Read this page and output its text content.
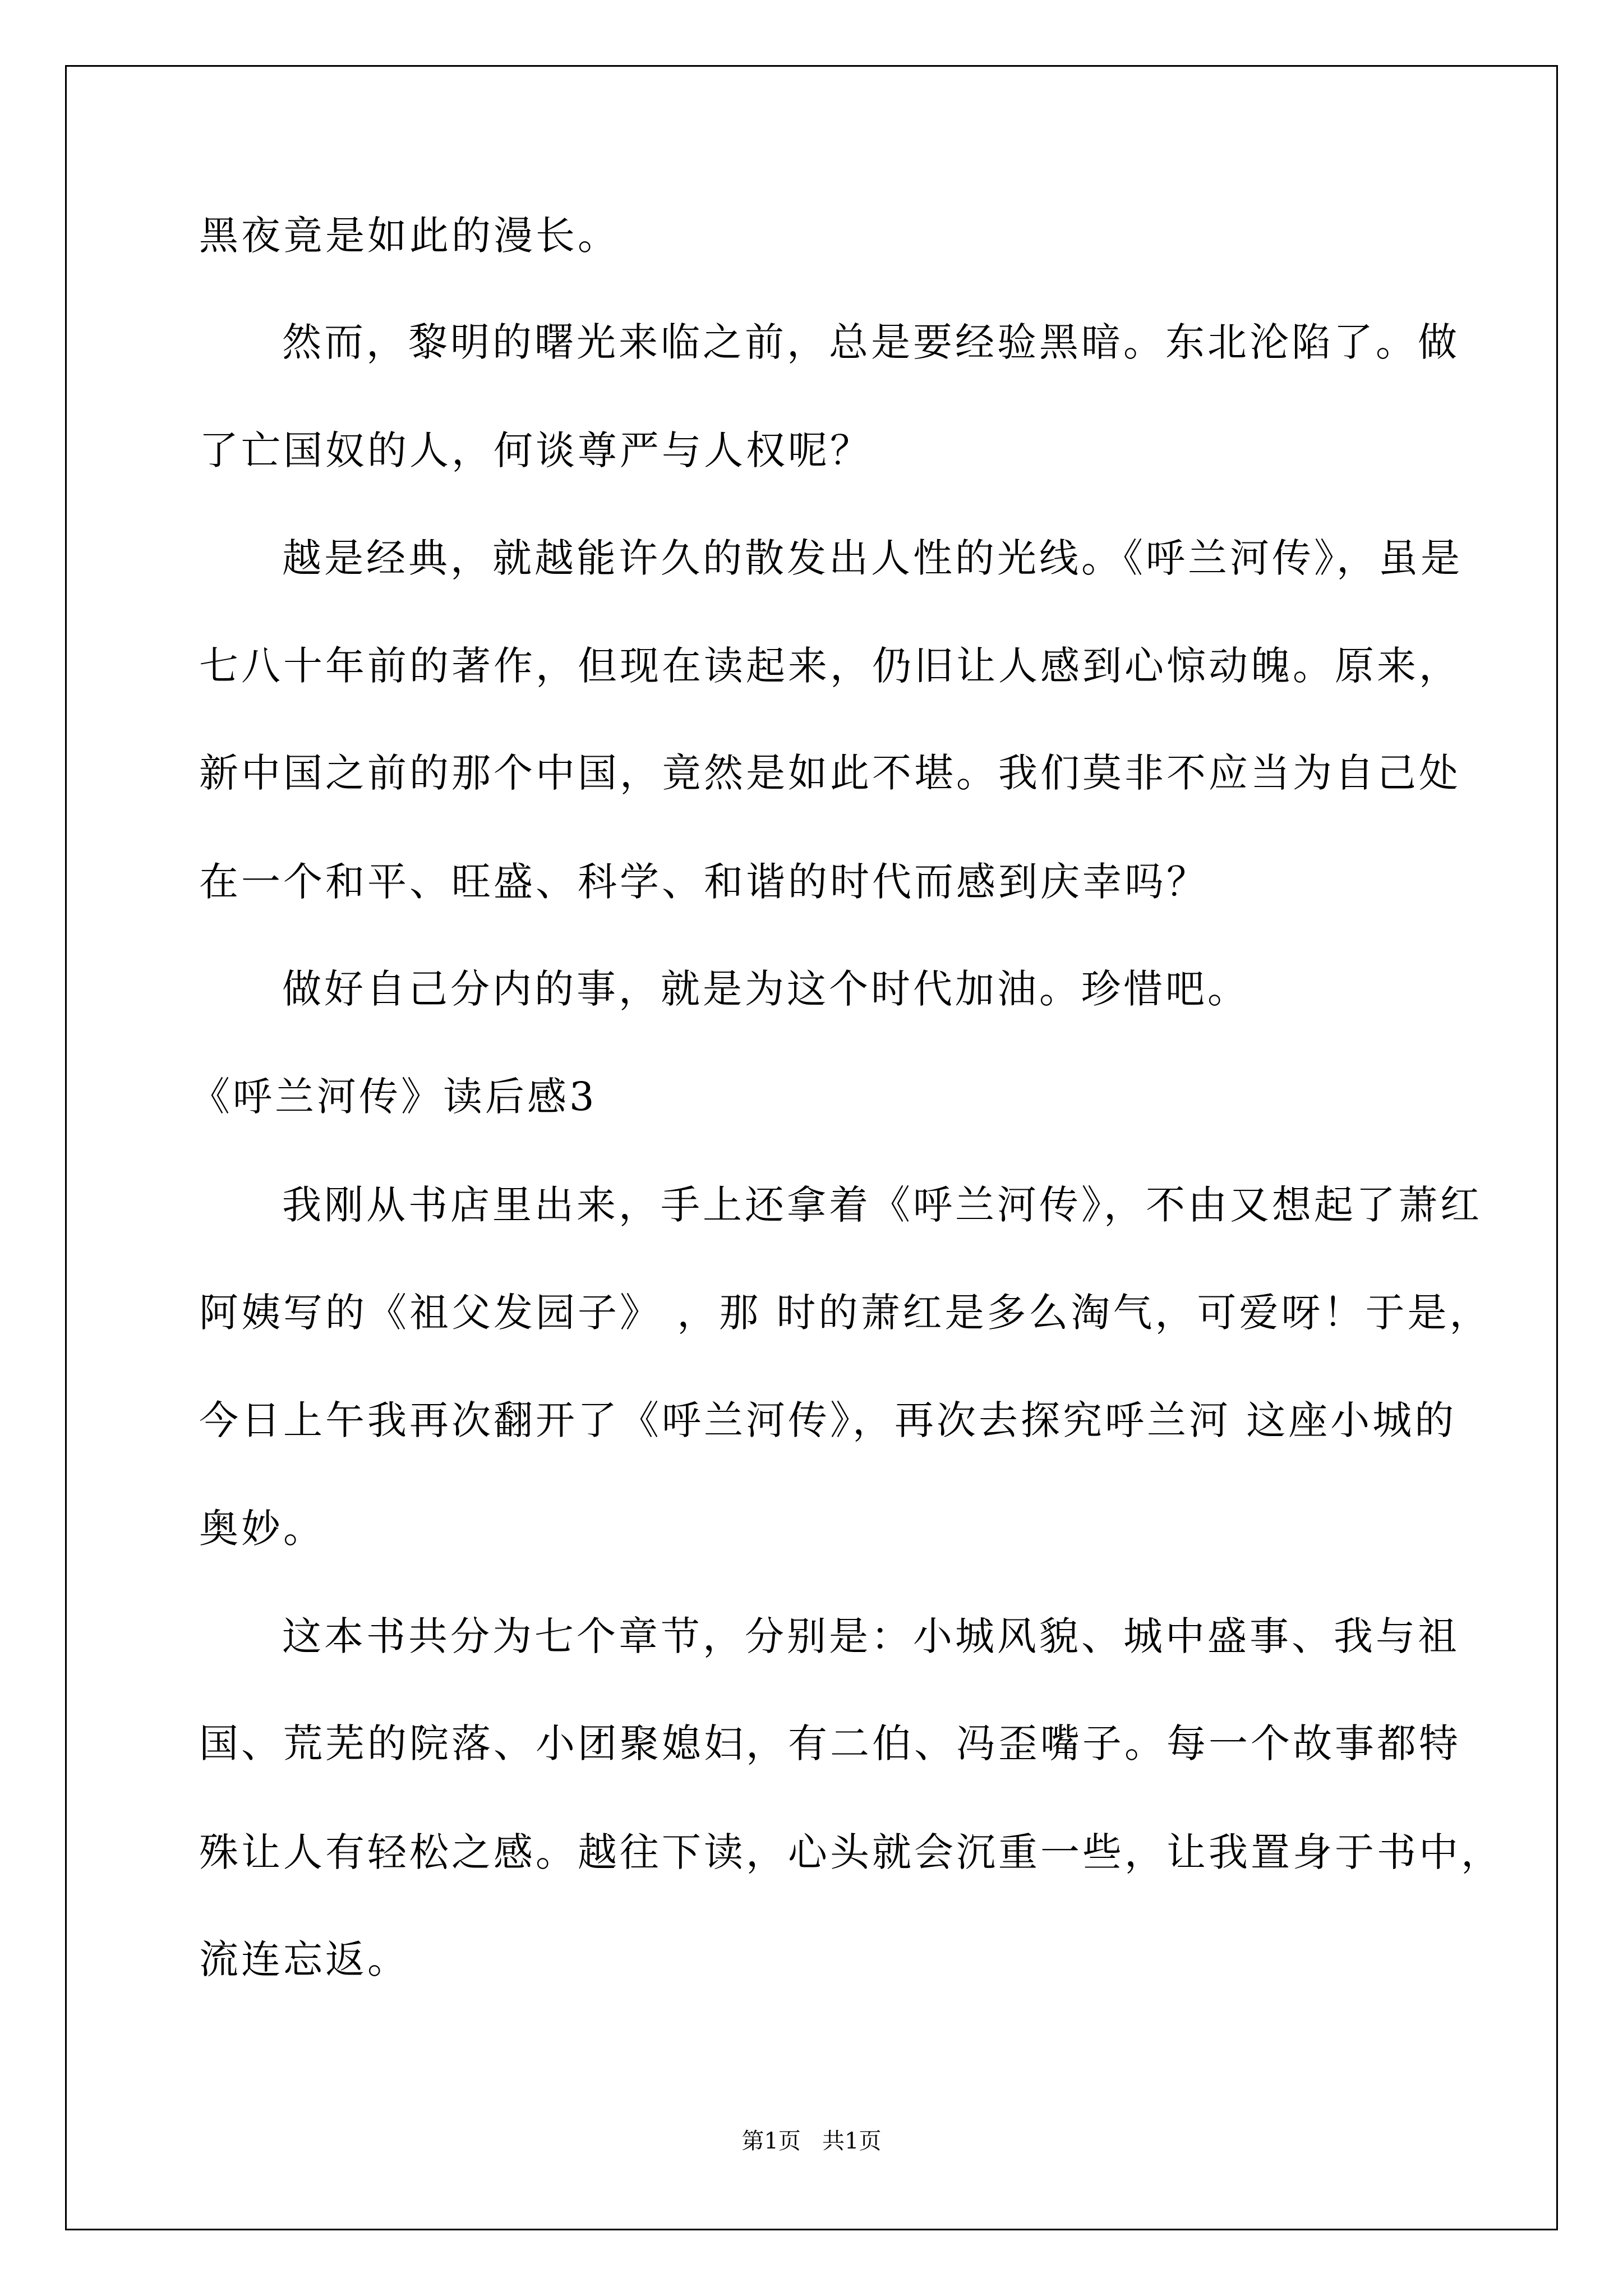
黑夜竟是如此的漫长。
然而，黎明的曙光来临之前，总是要经验黑暗。东北沦陷了。做
了亡国奴的人，何谈尊严与人权呢？
越是经典，就越能许久的散发出人性的光线。《呼兰河传》，虽是
七八十年前的著作，但现在读起来，仍旧让人感到心惊动魄。原来，
新中国之前的那个中国，竟然是如此不堪。我们莫非不应当为自己处
在一个和平、旺盛、科学、和谐的时代而感到庆幸吗？
做好自己分内的事，就是为这个时代加油。珍惜吧。
《呼兰河传》读后感3
我刚从书店里出来，手上还拿着《呼兰河传》，不由又想起了萧红
阿姨写的《祖父发园子》 ，那 时的萧红是多么淘气，可爱呀！于是，
今日上午我再次翻开了《呼兰河传》，再次去探究呼兰河 这座小城的
奥妙。
这本书共分为七个章节，分别是：小城风貌、城中盛事、我与祖
国、荒芜的院落、小团聚媳妇，有二伯、冯歪嘴子。每一个故事都特
殊让人有轻松之感。越往下读，心头就会沉重一些，让我置身于书中，
流连忘返。
第1页   共1页
